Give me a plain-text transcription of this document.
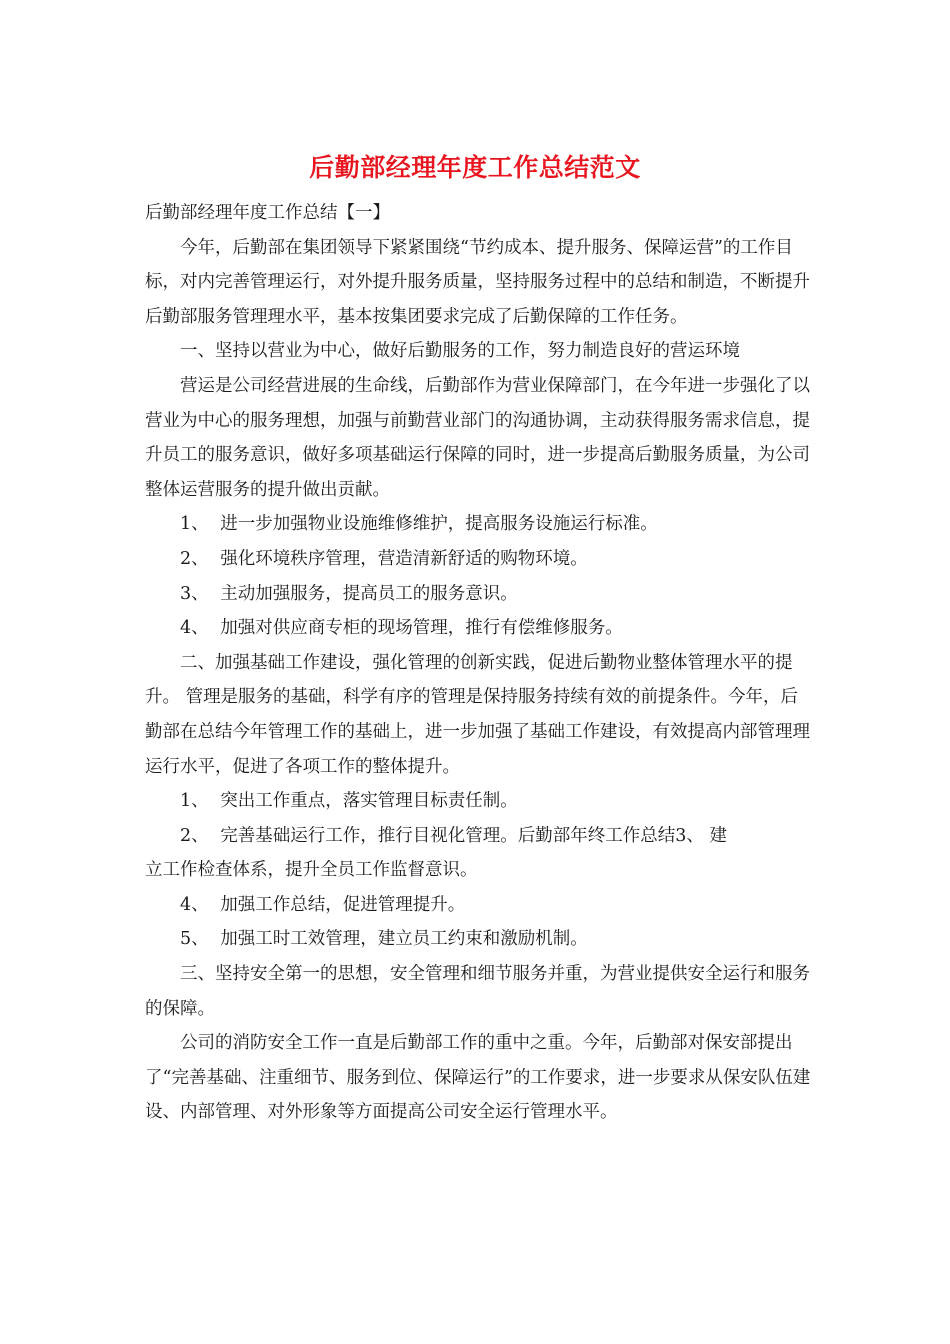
后勤部经理年度工作总结范文

后勤部经理年度工作总结【一】

今年，后勤部在集团领导下紧紧围绕“节约成本、提升服务、保障运营”的工作目标，对内完善管理运行，对外提升服务质量，坚持服务过程中的总结和制造，不断提升后勤部服务管理理水平，基本按集团要求完成了后勤保障的工作任务。

一、坚持以营业为中心，做好后勤服务的工作，努力制造良好的营运环境

营运是公司经营进展的生命线，后勤部作为营业保障部门，在今年进一步强化了以营业为中心的服务理想，加强与前勤营业部门的沟通协调，主动获得服务需求信息，提升员工的服务意识，做好多项基础运行保障的同时，进一步提高后勤服务质量，为公司整体运营服务的提升做出贡献。

1、 进一步加强物业设施维修维护，提高服务设施运行标准。

2、 强化环境秩序管理，营造清新舒适的购物环境。

3、 主动加强服务，提高员工的服务意识。

4、 加强对供应商专柜的现场管理，推行有偿维修服务。

二、加强基础工作建设，强化管理的创新实践，促进后勤物业整体管理水平的提升。 管理是服务的基础，科学有序的管理是保持服务持续有效的前提条件。今年，后勤部在总结今年管理工作的基础上，进一步加强了基础工作建设，有效提高内部管理理运行水平，促进了各项工作的整体提升。

1、 突出工作重点，落实管理目标责任制。

2、 完善基础运行工作，推行目视化管理。后勤部年终工作总结3、 建

立工作检查体系，提升全员工作监督意识。

4、 加强工作总结，促进管理提升。

5、 加强工时工效管理，建立员工约束和激励机制。

三、坚持安全第一的思想，安全管理和细节服务并重，为营业提供安全运行和服务的保障。

公司的消防安全工作一直是后勤部工作的重中之重。今年，后勤部对保安部提出了“完善基础、注重细节、服务到位、保障运行”的工作要求，进一步要求从保安队伍建设、内部管理、对外形象等方面提高公司安全运行管理水平。
